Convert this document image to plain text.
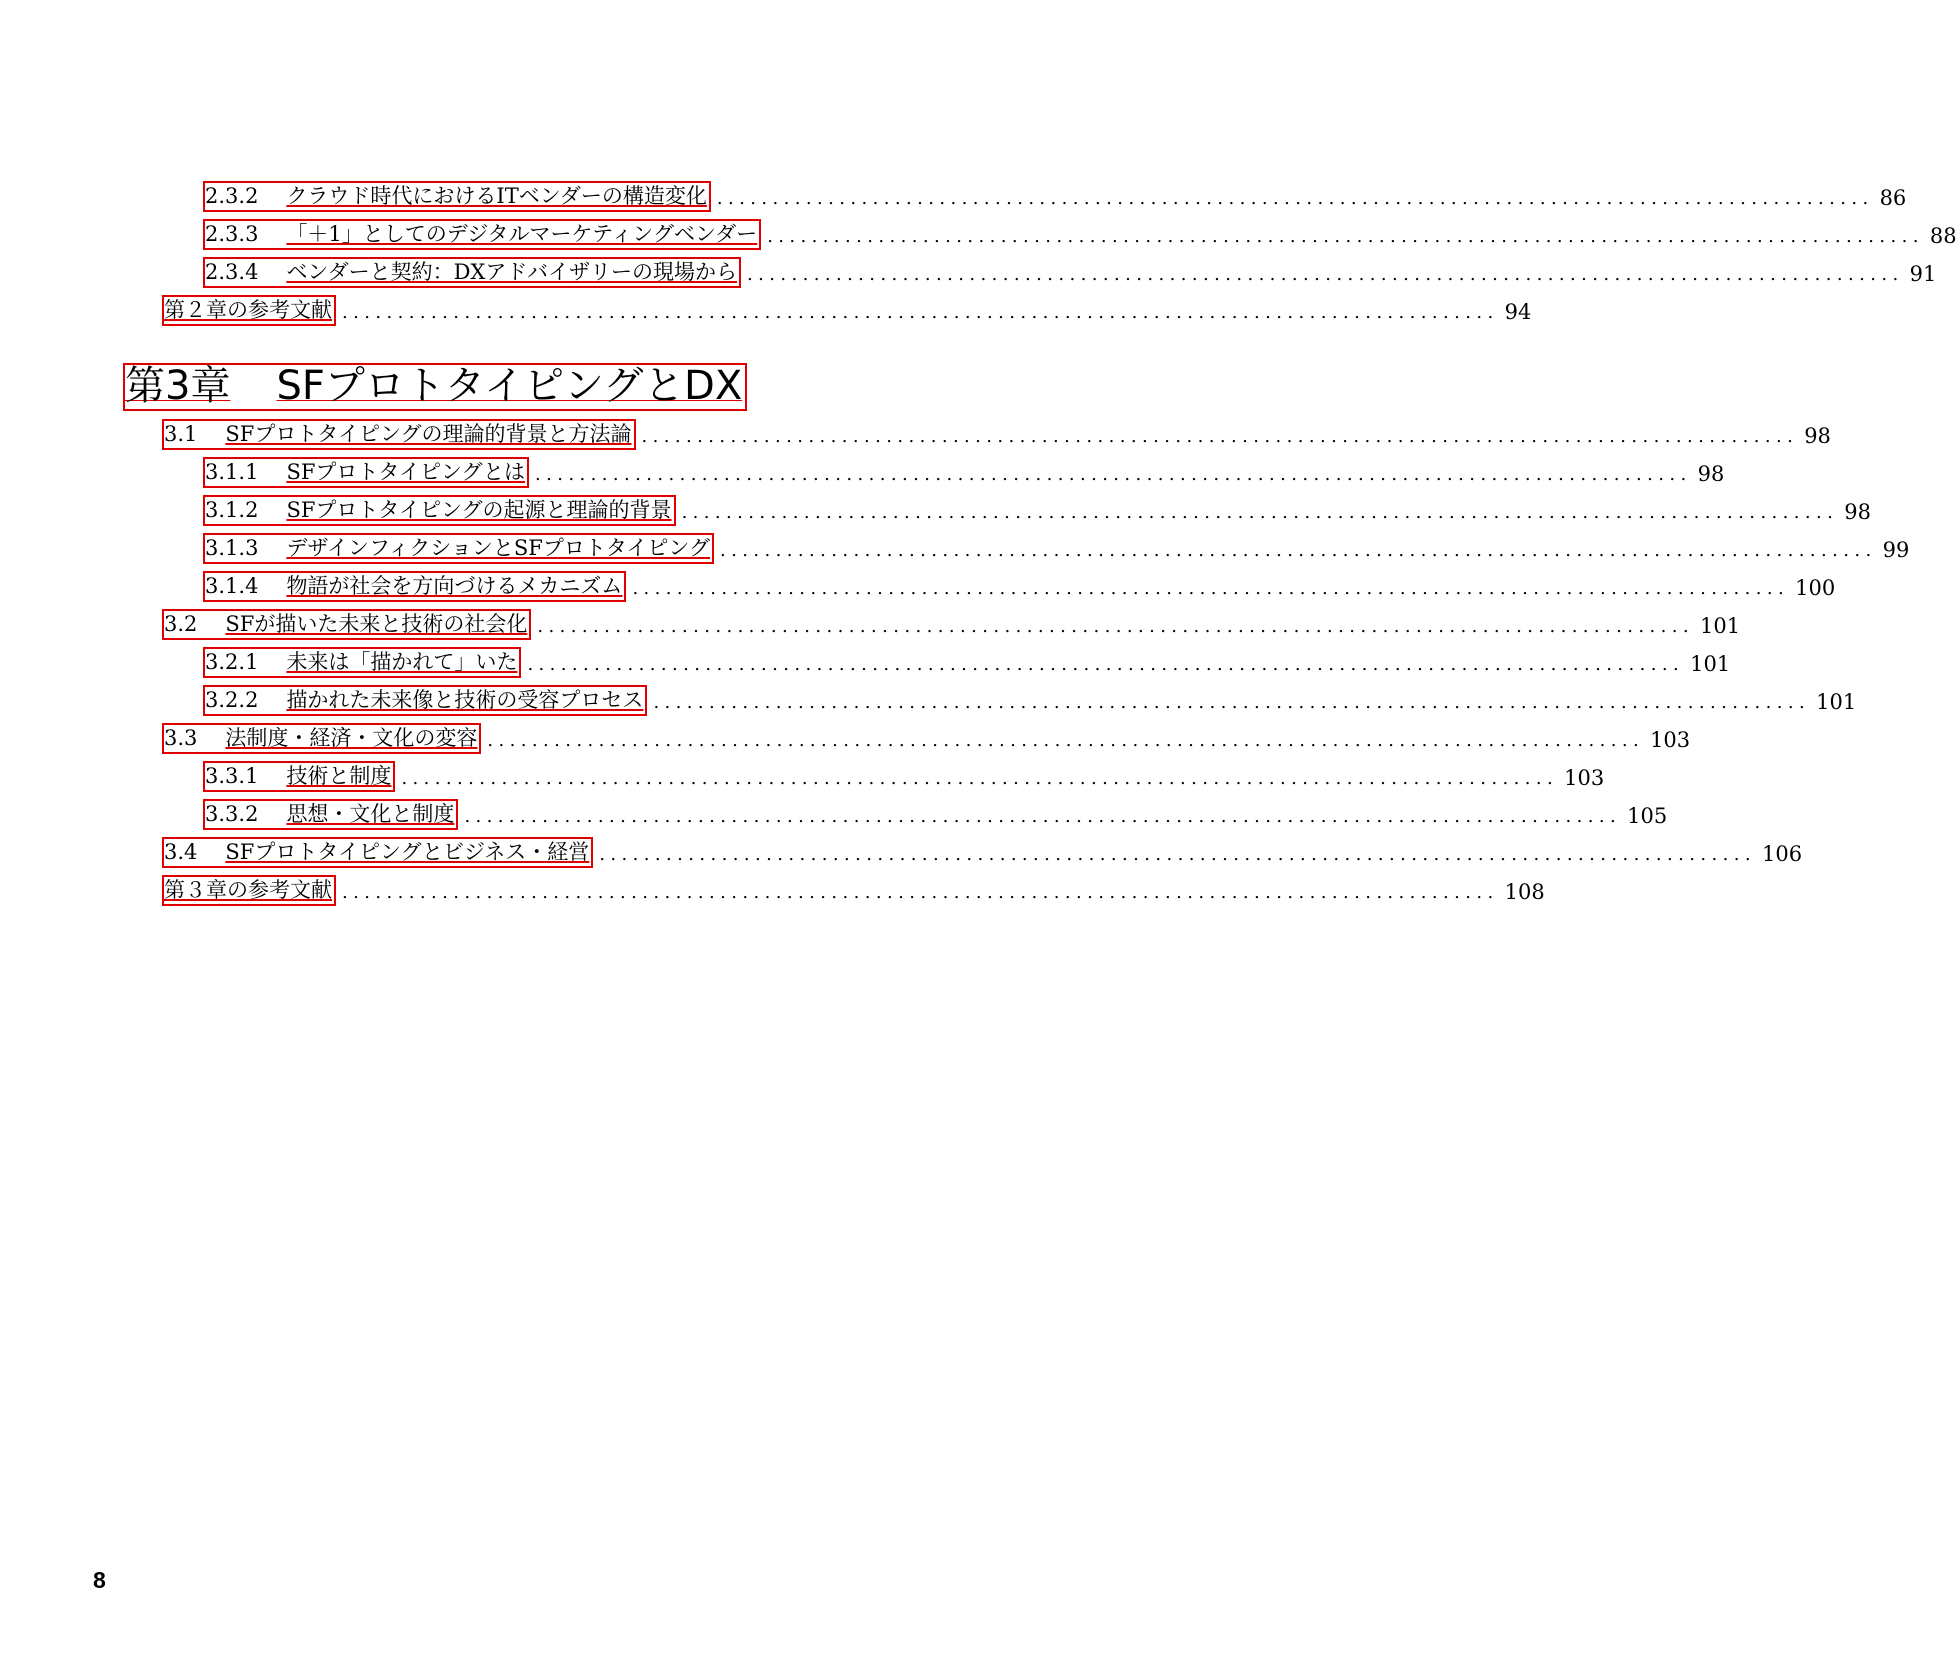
2.3.2 クラウド時代におけるITベンダーの構造変化 ........................................................................................................ 86
2.3.3 「＋1」としてのデジタルマーケティングベンダー ........................................................................................................ 88
2.3.4 ベンダーと契約：DXアドバイザリーの現場から ........................................................................................................ 91
第２章の参考文献 ........................................................................................................ 94
第3章 SFプロトタイピングとDX
3.1 SFプロトタイピングの理論的背景と方法論 ........................................................................................................ 98
3.1.1 SFプロトタイピングとは ........................................................................................................ 98
3.1.2 SFプロトタイピングの起源と理論的背景 ........................................................................................................ 98
3.1.3 デザインフィクションとSFプロトタイピング ........................................................................................................ 99
3.1.4 物語が社会を方向づけるメカニズム ........................................................................................................ 100
3.2 SFが描いた未来と技術の社会化 ........................................................................................................ 101
3.2.1 未来は「描かれて」いた ........................................................................................................ 101
3.2.2 描かれた未来像と技術の受容プロセス ........................................................................................................ 101
3.3 法制度・経済・文化の変容 ........................................................................................................ 103
3.3.1 技術と制度 ........................................................................................................ 103
3.3.2 思想・文化と制度 ........................................................................................................ 105
3.4 SFプロトタイピングとビジネス・経営 ........................................................................................................ 106
第３章の参考文献 ........................................................................................................ 108
8
